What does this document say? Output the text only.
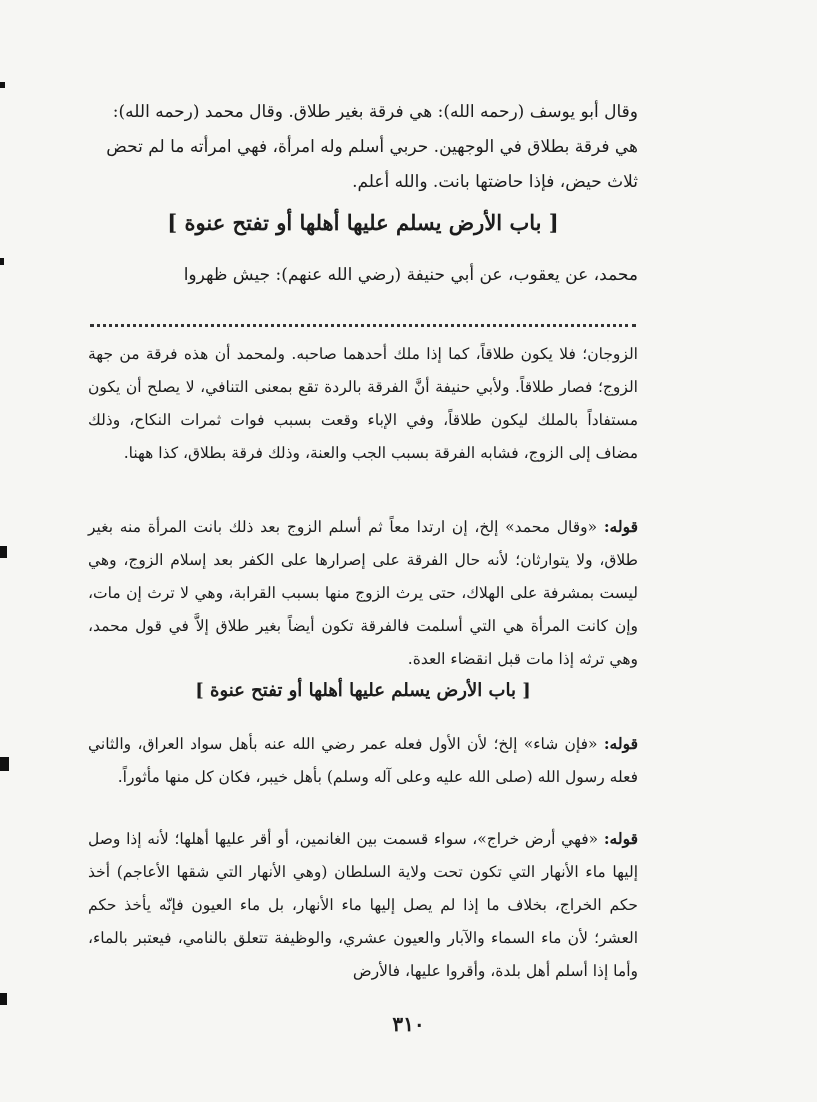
وقال أبو يوسف (رحمه الله): هي فرقة بغير طلاق. وقال محمد (رحمه الله):
هي فرقة بطلاق في الوجهين. حربي أسلم وله امرأة، فهي امرأته ما لم تحض
ثلاث حيض، فإذا حاضتها بانت. والله أعلم.
[ باب الأرض يسلم عليها أهلها أو تفتح عنوة ]
محمد، عن يعقوب، عن أبي حنيفة (رضي الله عنهم): جيش ظهروا
الزوجان؛ فلا يكون طلاقاً، كما إذا ملك أحدهما صاحبه. ولمحمد أن هذه فرقة من جهة الزوج؛ فصار طلاقاً. ولأبي حنيفة أنَّ الفرقة بالردة تقع بمعنى التنافي، لا يصلح أن يكون مستفاداً بالملك ليكون طلاقاً، وفي الإباء وقعت بسبب فوات ثمرات النكاح، وذلك مضاف إلى الزوج، فشابه الفرقة بسبب الجب والعنة، وذلك فرقة بطلاق، كذا ههنا.
قوله: «وقال محمد» إلخ، إن ارتدا معاً ثم أسلم الزوج بعد ذلك بانت المرأة منه بغير طلاق، ولا يتوارثان؛ لأنه حال الفرقة على إصرارها على الكفر بعد إسلام الزوج، وهي ليست بمشرفة على الهلاك، حتى يرث الزوج منها بسبب القرابة، وهي لا ترث إن مات، وإن كانت المرأة هي التي أسلمت فالفرقة تكون أيضاً بغير طلاق إلاَّ في قول محمد، وهي ترثه إذا مات قبل انقضاء العدة.
[ باب الأرض يسلم عليها أهلها أو تفتح عنوة ]
قوله: «فإن شاء» إلخ؛ لأن الأول فعله عمر رضي الله عنه بأهل سواد العراق، والثاني فعله رسول الله (صلى الله عليه وعلى آله وسلم) بأهل خيبر، فكان كل منها مأثوراً.
قوله: «فهي أرض خراج»، سواء قسمت بين الغانمين، أو أقر عليها أهلها؛ لأنه إذا وصل إليها ماء الأنهار التي تكون تحت ولاية السلطان (وهي الأنهار التي شقها الأعاجم) أخذ حكم الخراج، بخلاف ما إذا لم يصل إليها ماء الأنهار، بل ماء العيون فإنّه يأخذ حكم العشر؛ لأن ماء السماء والآبار والعيون عشري، والوظيفة تتعلق بالنامي، فيعتبر بالماء، وأما إذا أسلم أهل بلدة، وأقروا عليها، فالأرض
٣١٠
